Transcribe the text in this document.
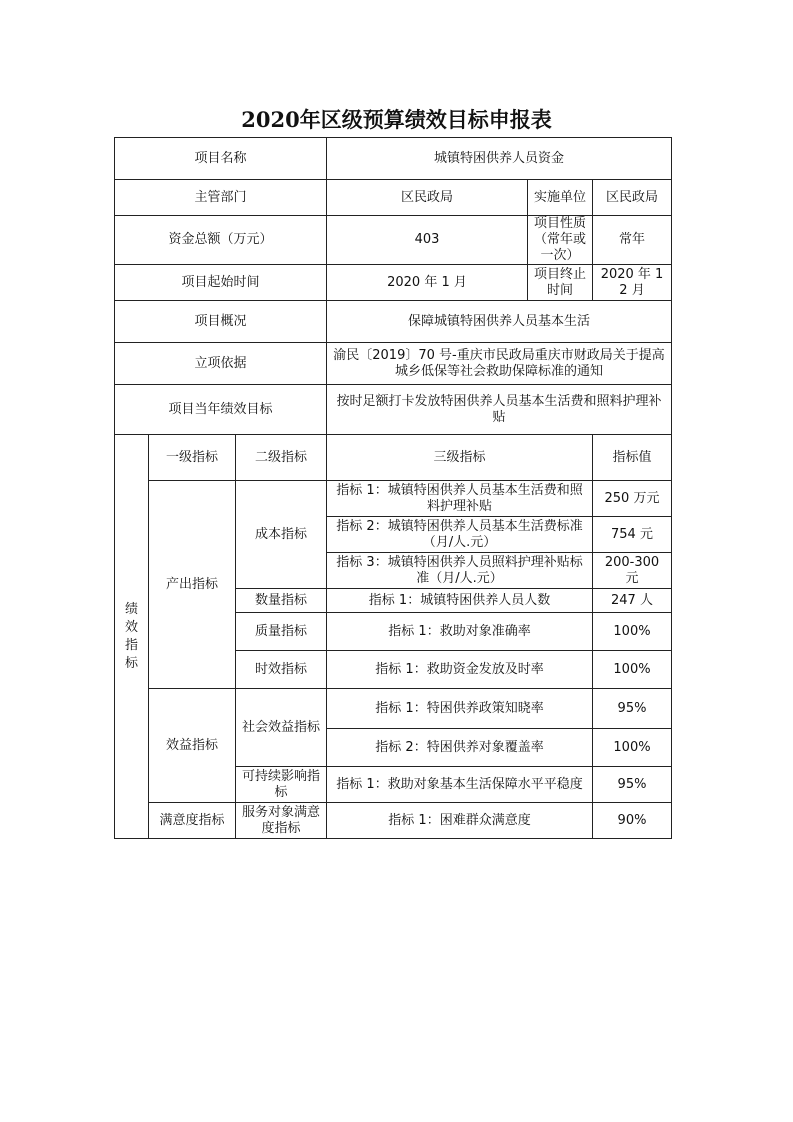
2020年区级预算绩效目标申报表
项目名称			城镇特困供养人员资金		
主管部门			区民政局	实施单位	区民政局
资金总额（万元）			403	项目性质（常年或一次）	常年
项目起始时间			2020 年 1 月	项目终止时间	2020 年 12 月
项目概况			保障城镇特困供养人员基本生活		
立项依据			渝民〔2019〕70 号-重庆市民政局重庆市财政局关于提高城乡低保等社会救助保障标准的通知		
项目当年绩效目标			按时足额打卡发放特困供养人员基本生活费和照料护理补贴		

绩效指标	一级指标	二级指标	三级指标		指标值
	产出指标	成本指标	指标 1：城镇特困供养人员基本生活费和照料护理补贴		250 万元
			指标 2：城镇特困供养人员基本生活费标准（月/人.元）		754 元
			指标 3：城镇特困供养人员照料护理补贴标准（月/人.元）		200-300 元
		数量指标	指标 1：城镇特困供养人员人数		247 人
		质量指标	指标 1：救助对象准确率		100%
		时效指标	指标 1：救助资金发放及时率		100%
	效益指标	社会效益指标	指标 1：特困供养政策知晓率		95%
			指标 2：特困供养对象覆盖率		100%
		可持续影响指标	指标 1：救助对象基本生活保障水平平稳度		95%
	满意度指标	服务对象满意度指标	指标 1：困难群众满意度		90%
